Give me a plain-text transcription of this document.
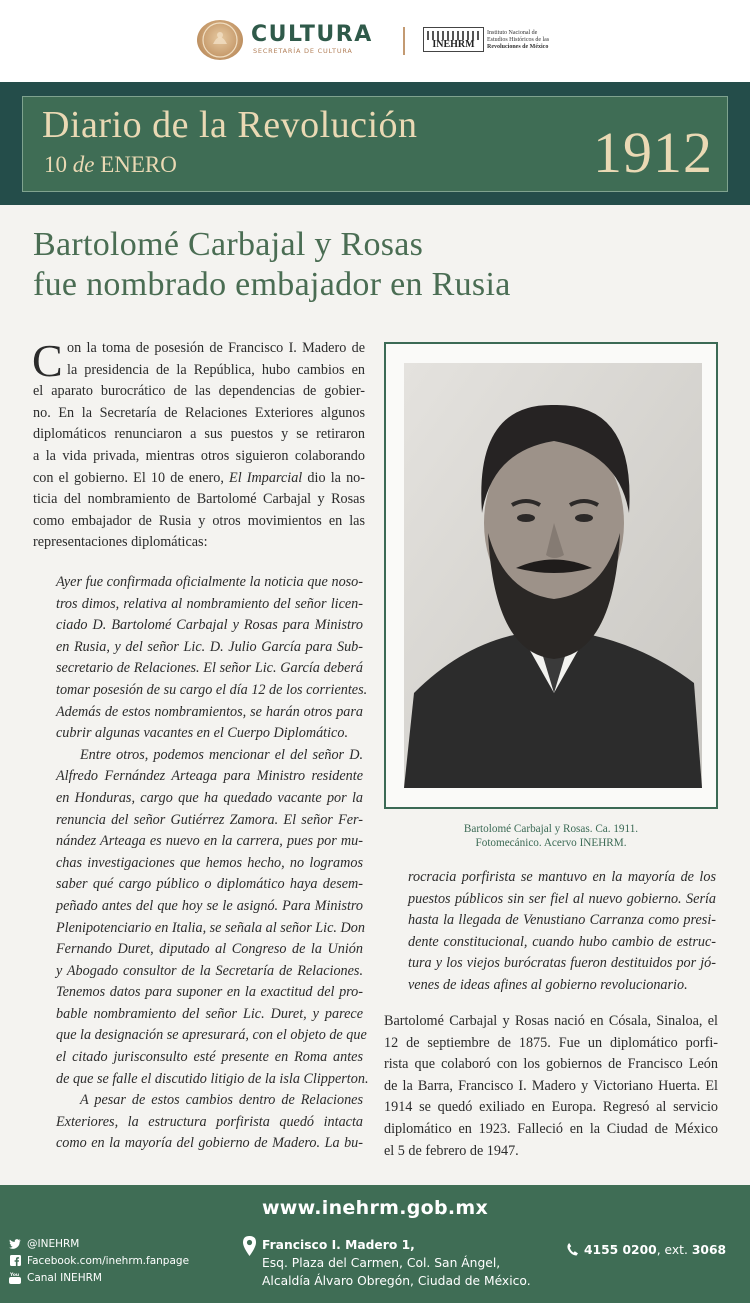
CULTURA
SECRETARÍA DE CULTURA
INEHRM
Instituto Nacional de
Estudios Históricos de las
Revoluciones de México
Diario de la Revolución
10 de ENERO	1912
Bartolomé Carbajal y Rosas
fue nombrado embajador en Rusia
C on la toma de posesión de Francisco I. Madero de
la presidencia de la República, hubo cambios en
el aparato burocrático de las dependencias de gobier-
no. En la Secretaría de Relaciones Exteriores algunos
diplomáticos renunciaron a sus puestos y se retiraron
a la vida privada, mientras otros siguieron colaborando
con el gobierno. El 10 de enero, El Imparcial dio la no-
ticia del nombramiento de Bartolomé Carbajal y Rosas
como embajador de Rusia y otros movimientos en las
representaciones diplomáticas:
Ayer fue confirmada oficialmente la noticia que noso-
tros dimos, relativa al nombramiento del señor licen-
ciado D. Bartolomé Carbajal y Rosas para Ministro
en Rusia, y del señor Lic. D. Julio García para Sub-
secretario de Relaciones. El señor Lic. García deberá
tomar posesión de su cargo el día 12 de los corrientes.
Además de estos nombramientos, se harán otros para
cubrir algunas vacantes en el Cuerpo Diplomático.
Entre otros, podemos mencionar el del señor D.
Alfredo Fernández Arteaga para Ministro residente
en Honduras, cargo que ha quedado vacante por la
renuncia del señor Gutiérrez Zamora. El señor Fer-
nández Arteaga es nuevo en la carrera, pues por mu-
chas investigaciones que hemos hecho, no logramos
saber qué cargo público o diplomático haya desem-
peñado antes del que hoy se le asignó. Para Ministro
Plenipotenciario en Italia, se señala al señor Lic. Don
Fernando Duret, diputado al Congreso de la Unión
y Abogado consultor de la Secretaría de Relaciones.
Tenemos datos para suponer en la exactitud del pro-
bable nombramiento del señor Lic. Duret, y parece
que la designación se apresurará, con el objeto de que
el citado jurisconsulto esté presente en Roma antes
de que se falle el discutido litigio de la isla Clipperton.
A pesar de estos cambios dentro de Relaciones
Exteriores, la estructura porfirista quedó intacta
como en la mayoría del gobierno de Madero. La bu-
Bartolomé Carbajal y Rosas. Ca. 1911.
Fotomecánico. Acervo INEHRM.
rocracia porfirista se mantuvo en la mayoría de los
puestos públicos sin ser fiel al nuevo gobierno. Sería
hasta la llegada de Venustiano Carranza como presi-
dente constitucional, cuando hubo cambio de estruc-
tura y los viejos burócratas fueron destituidos por jó-
venes de ideas afines al gobierno revolucionario.
Bartolomé Carbajal y Rosas nació en Cósala, Sinaloa, el
12 de septiembre de 1875. Fue un diplomático porfi-
rista que colaboró con los gobiernos de Francisco León
de la Barra, Francisco I. Madero y Victoriano Huerta. El
1914 se quedó exiliado en Europa. Regresó al servicio
diplomático en 1923. Falleció en la Ciudad de México
el 5 de febrero de 1947.
www.inehrm.gob.mx
@INEHRM
Facebook.com/inehrm.fanpage
You Canal INEHRM
Francisco I. Madero 1,
Esq. Plaza del Carmen, Col. San Ángel,
Alcaldía Álvaro Obregón, Ciudad de México.
4155 0200, ext. 3068
